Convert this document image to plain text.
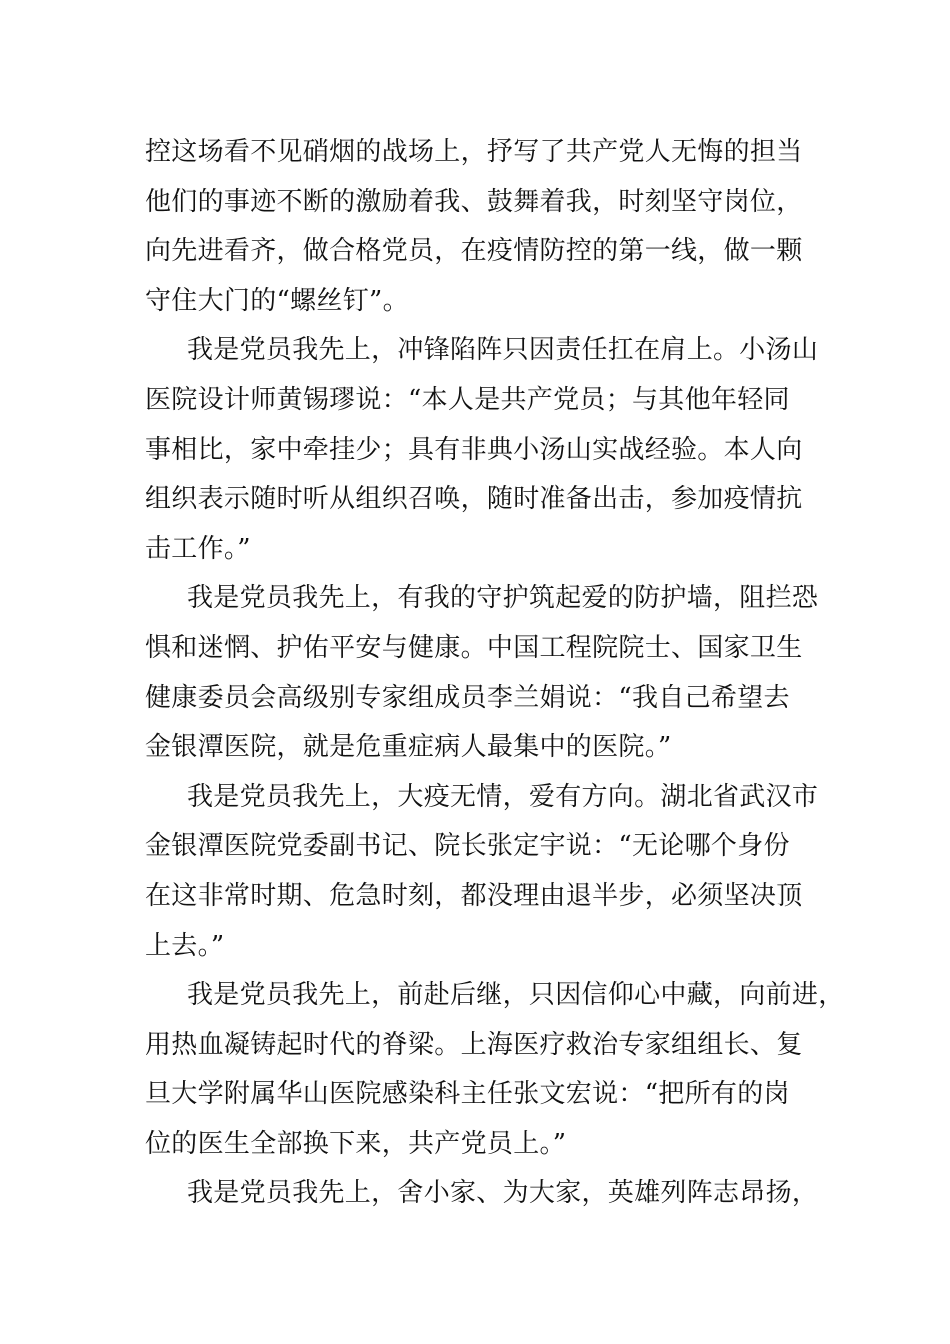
控这场看不见硝烟的战场上，抒写了共产党人无悔的担当
他们的事迹不断的激励着我、鼓舞着我，时刻坚守岗位，
向先进看齐，做合格党员，在疫情防控的第一线，做一颗
守住大门的“螺丝钉”。
我是党员我先上，冲锋陷阵只因责任扛在肩上。小汤山
医院设计师黄锡璆说：“本人是共产党员；与其他年轻同
事相比，家中牵挂少；具有非典小汤山实战经验。本人向
组织表示随时听从组织召唤，随时准备出击，参加疫情抗
击工作。”
我是党员我先上，有我的守护筑起爱的防护墙，阻拦恐
惧和迷惘、护佑平安与健康。中国工程院院士、国家卫生
健康委员会高级别专家组成员李兰娟说：“我自己希望去
金银潭医院，就是危重症病人最集中的医院。”
我是党员我先上，大疫无情，爱有方向。湖北省武汉市
金银潭医院党委副书记、院长张定宇说：“无论哪个身份
在这非常时期、危急时刻，都没理由退半步，必须坚决顶
上去。”
我是党员我先上，前赴后继，只因信仰心中藏，向前进，
用热血凝铸起时代的脊梁。上海医疗救治专家组组长、复
旦大学附属华山医院感染科主任张文宏说：“把所有的岗
位的医生全部换下来，共产党员上。”
我是党员我先上，舍小家、为大家，英雄列阵志昂扬，
